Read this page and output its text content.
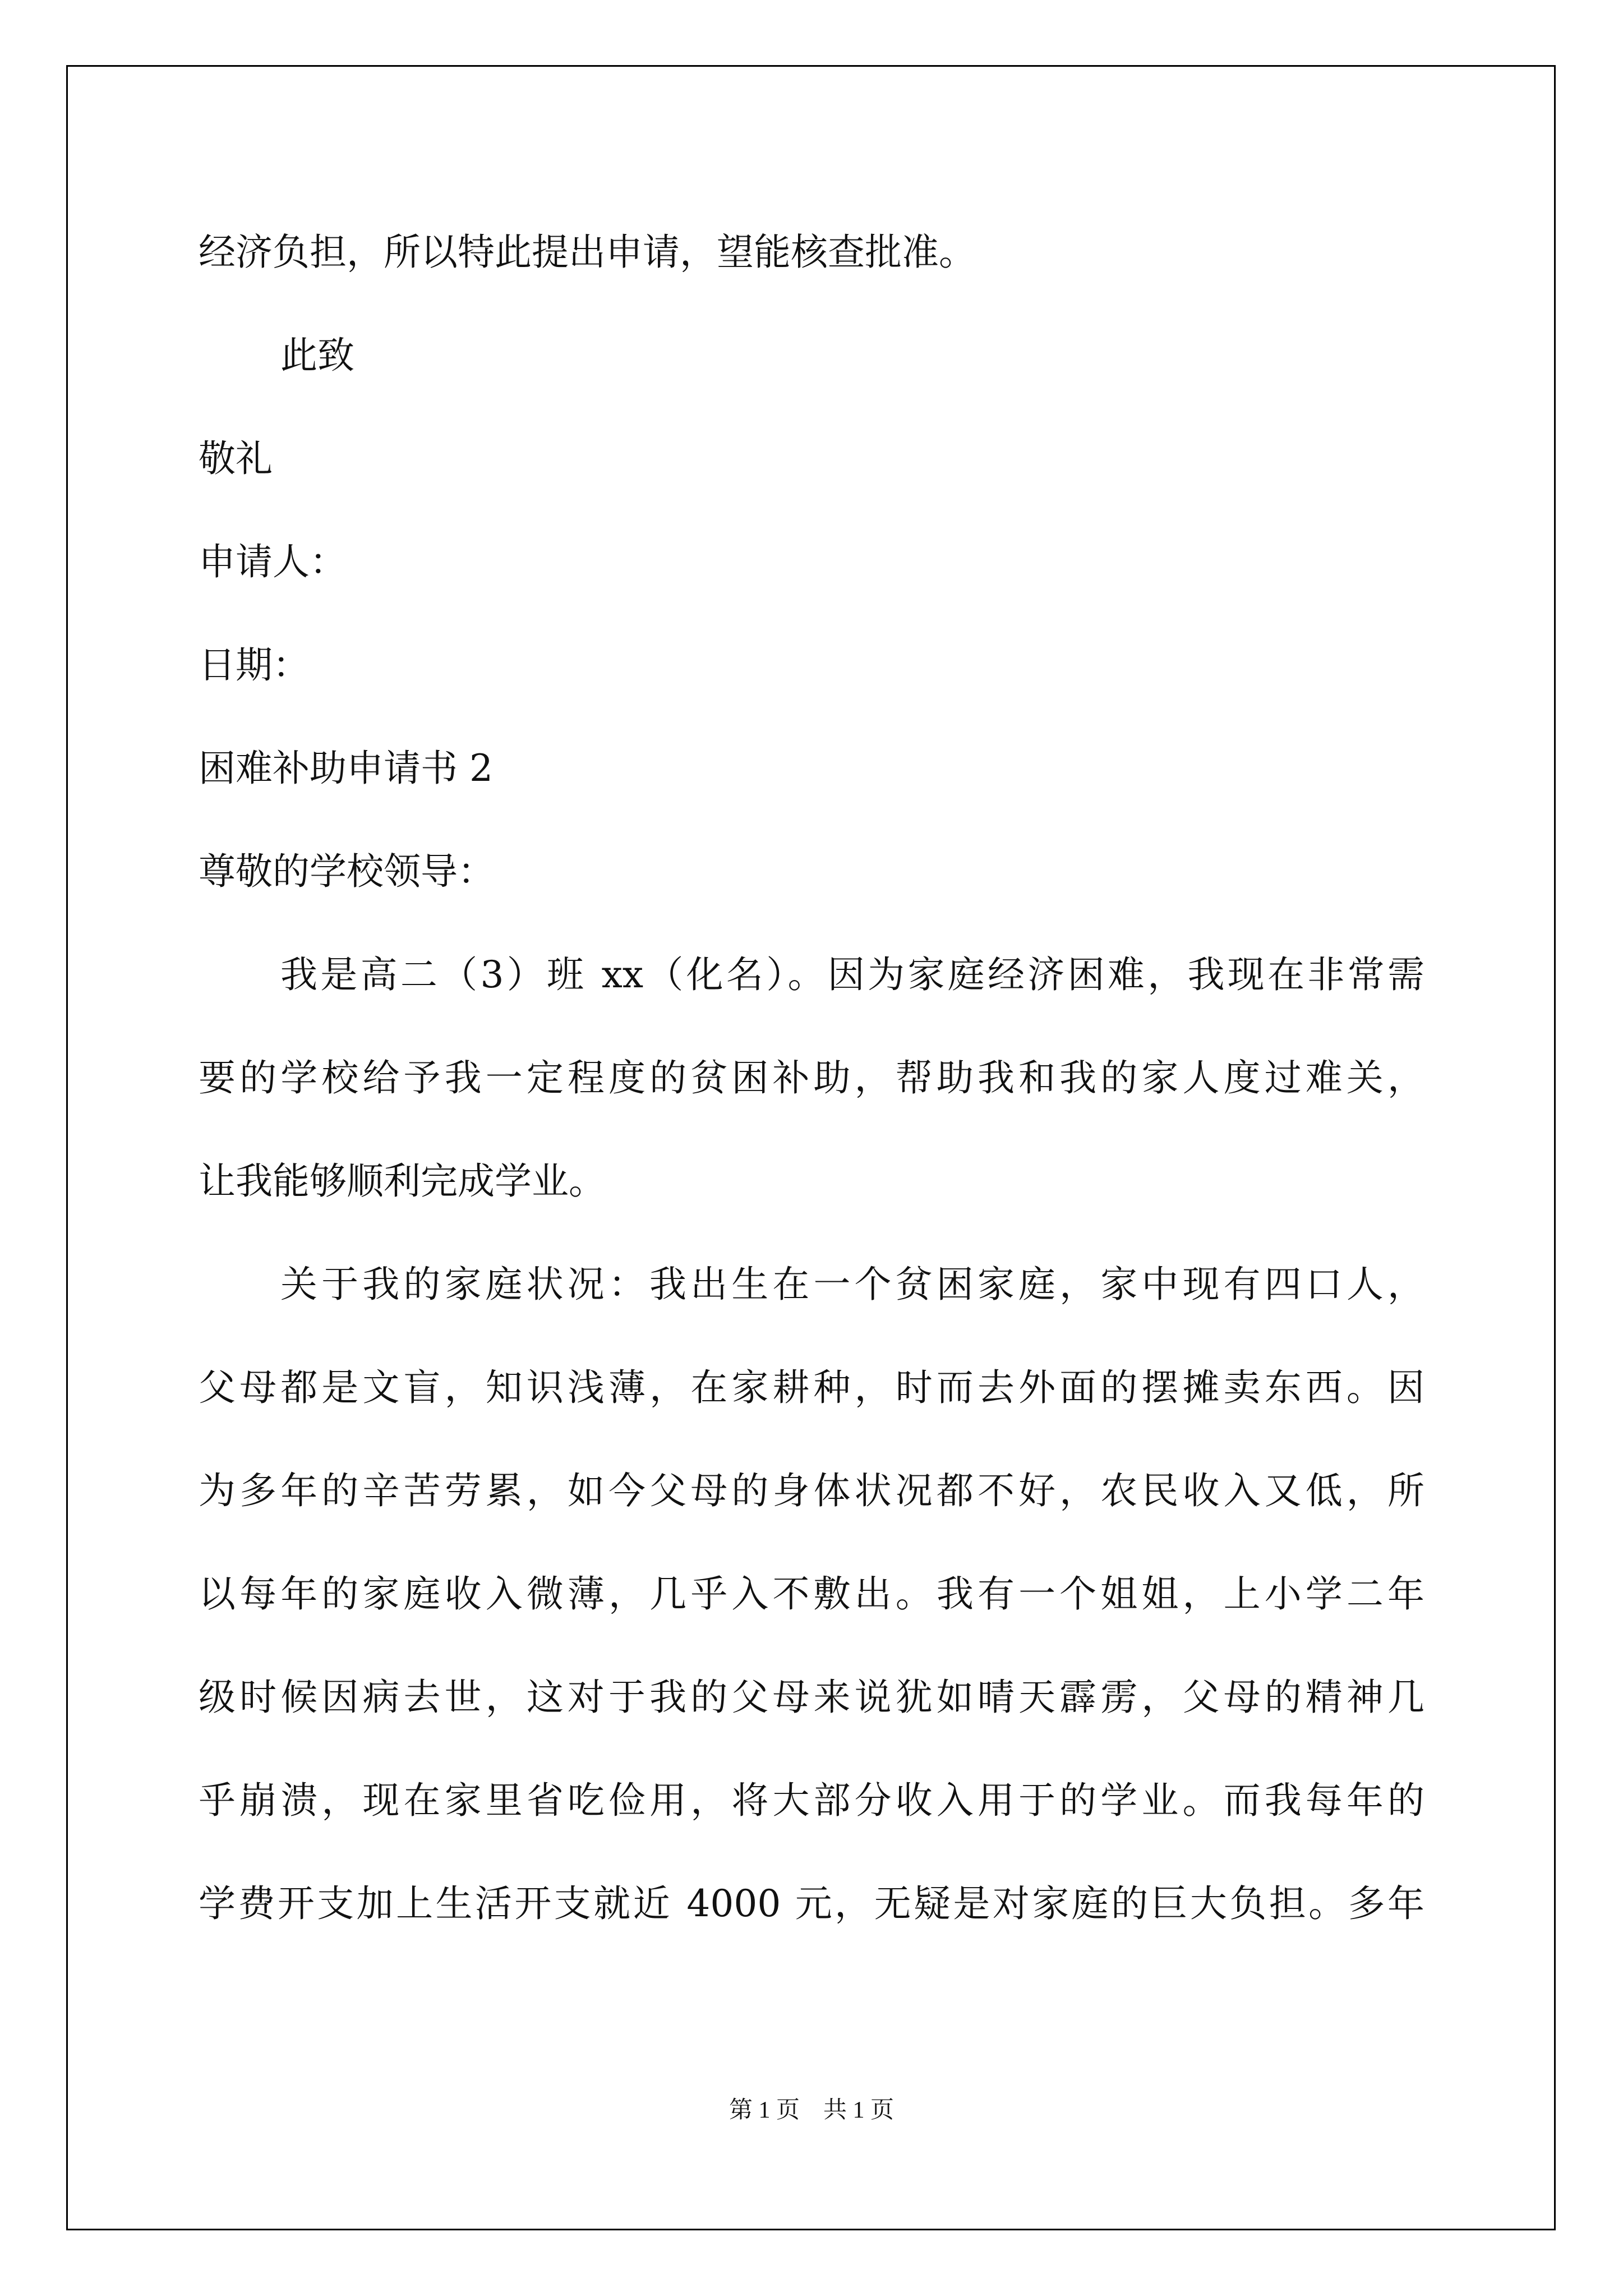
经济负担，所以特此提出申请，望能核查批准。

此致

敬礼

申请人：

日期：

困难补助申请书 2

尊敬的学校领导：

我是高二（3）班 xx（化名）。因为家庭经济困难，我现在非常需

要的学校给予我一定程度的贫困补助，帮助我和我的家人度过难关，

让我能够顺利完成学业。

关于我的家庭状况：我出生在一个贫困家庭，家中现有四口人，

父母都是文盲，知识浅薄，在家耕种，时而去外面的摆摊卖东西。因

为多年的辛苦劳累，如今父母的身体状况都不好，农民收入又低，所

以每年的家庭收入微薄，几乎入不敷出。我有一个姐姐，上小学二年

级时候因病去世，这对于我的父母来说犹如晴天霹雳，父母的精神几

乎崩溃，现在家里省吃俭用，将大部分收入用于的学业。而我每年的

学费开支加上生活开支就近 4000 元，无疑是对家庭的巨大负担。多年

第 1 页　共 1 页
